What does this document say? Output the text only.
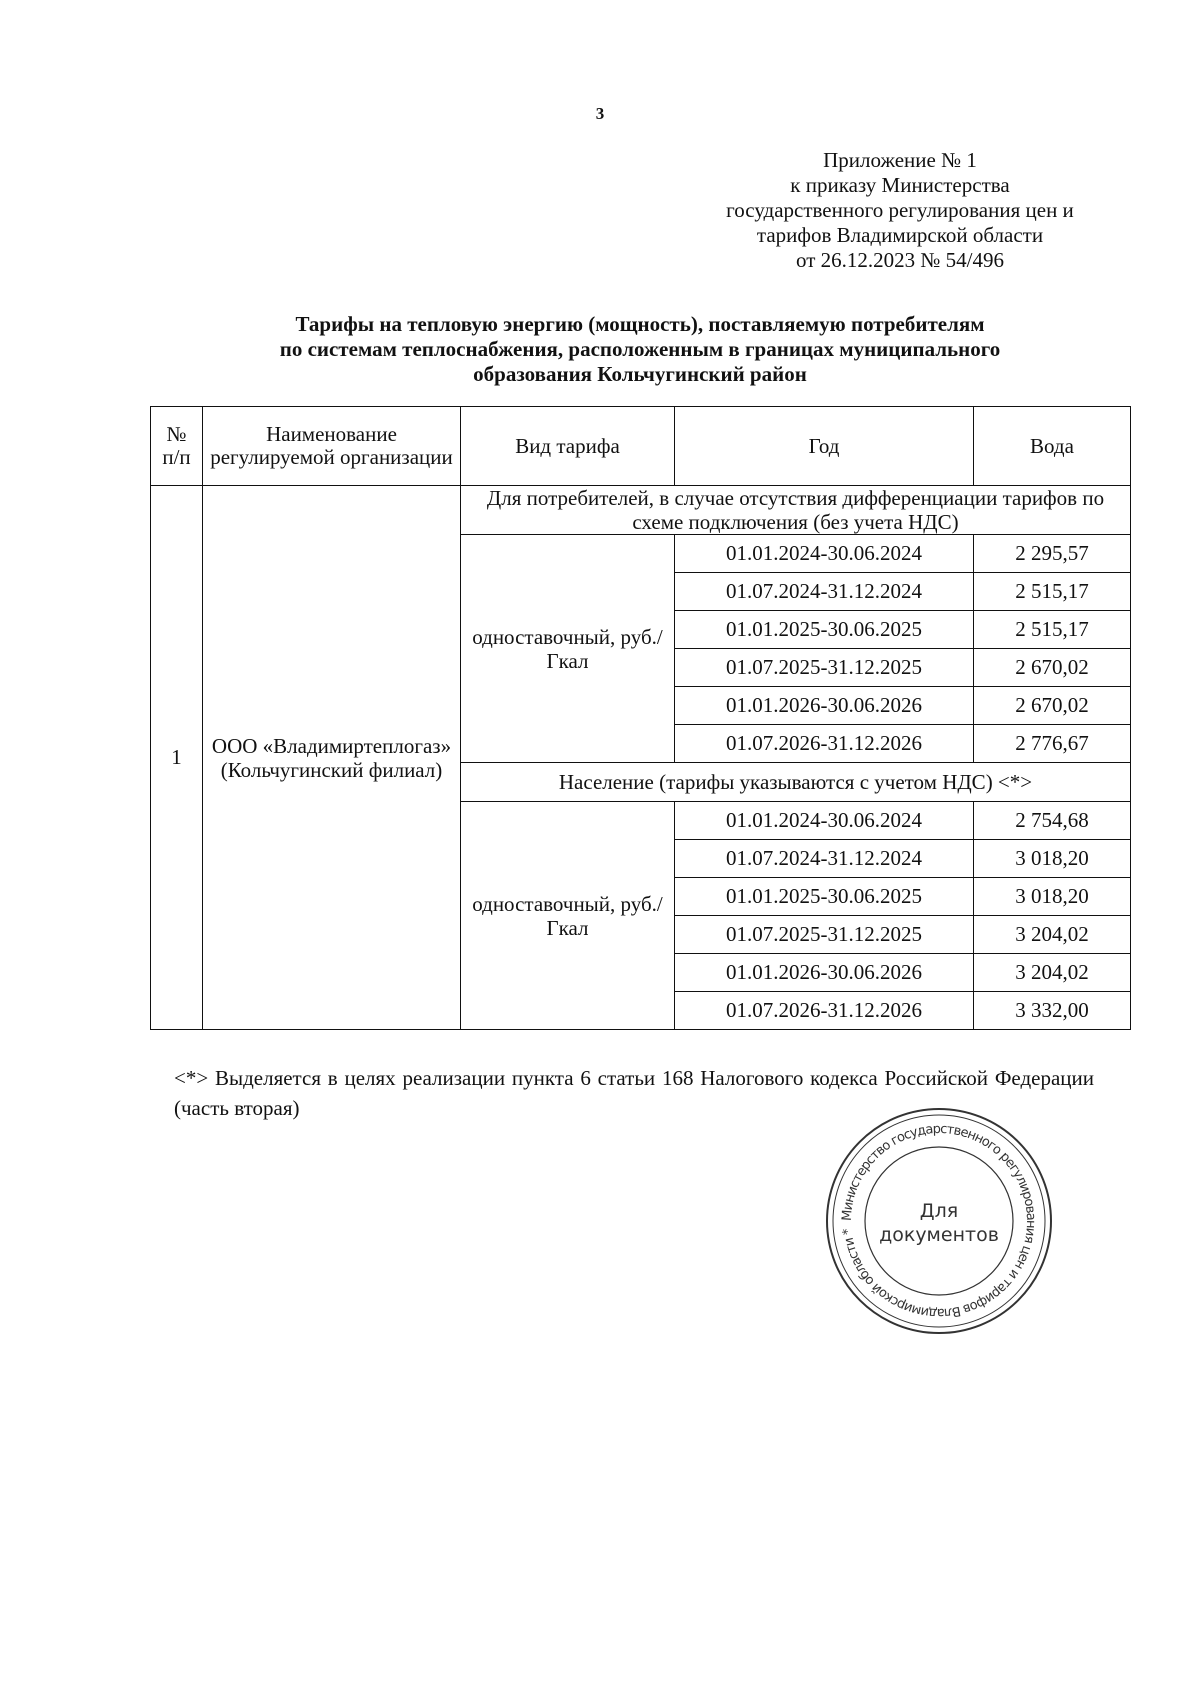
3
Приложение № 1
к приказу Министерства
государственного регулирования цен и
тарифов Владимирской области
от 26.12.2023 № 54/496
Тарифы на тепловую энергию (мощность), поставляемую потребителям
по системам теплоснабжения, расположенным в границах муниципального
образования Кольчугинский район
№ п/п	Наименование регулируемой организации	Вид тарифа	Год	Вода
1	ООО «Владимиртеплогаз» (Кольчугинский филиал)	Для потребителей, в случае отсутствия дифференциации тарифов по схеме подключения (без учета НДС)		
		одноставочный, руб./Гкал	01.01.2024-30.06.2024	2 295,57
			01.07.2024-31.12.2024	2 515,17
			01.01.2025-30.06.2025	2 515,17
			01.07.2025-31.12.2025	2 670,02
			01.01.2026-30.06.2026	2 670,02
			01.07.2026-31.12.2026	2 776,67
		Население (тарифы указываются с учетом НДС) <*>		
		одноставочный, руб./Гкал	01.01.2024-30.06.2024	2 754,68
			01.07.2024-31.12.2024	3 018,20
			01.01.2025-30.06.2025	3 018,20
			01.07.2025-31.12.2025	3 204,02
			01.01.2026-30.06.2026	3 204,02
			01.07.2026-31.12.2026	3 332,00
<*> Выделяется в целях реализации пункта 6 статьи 168 Налогового кодекса Российской Федерации (часть вторая)
Министерство государственного регулирования цен и тарифов Владимирской области *
Для
документов
